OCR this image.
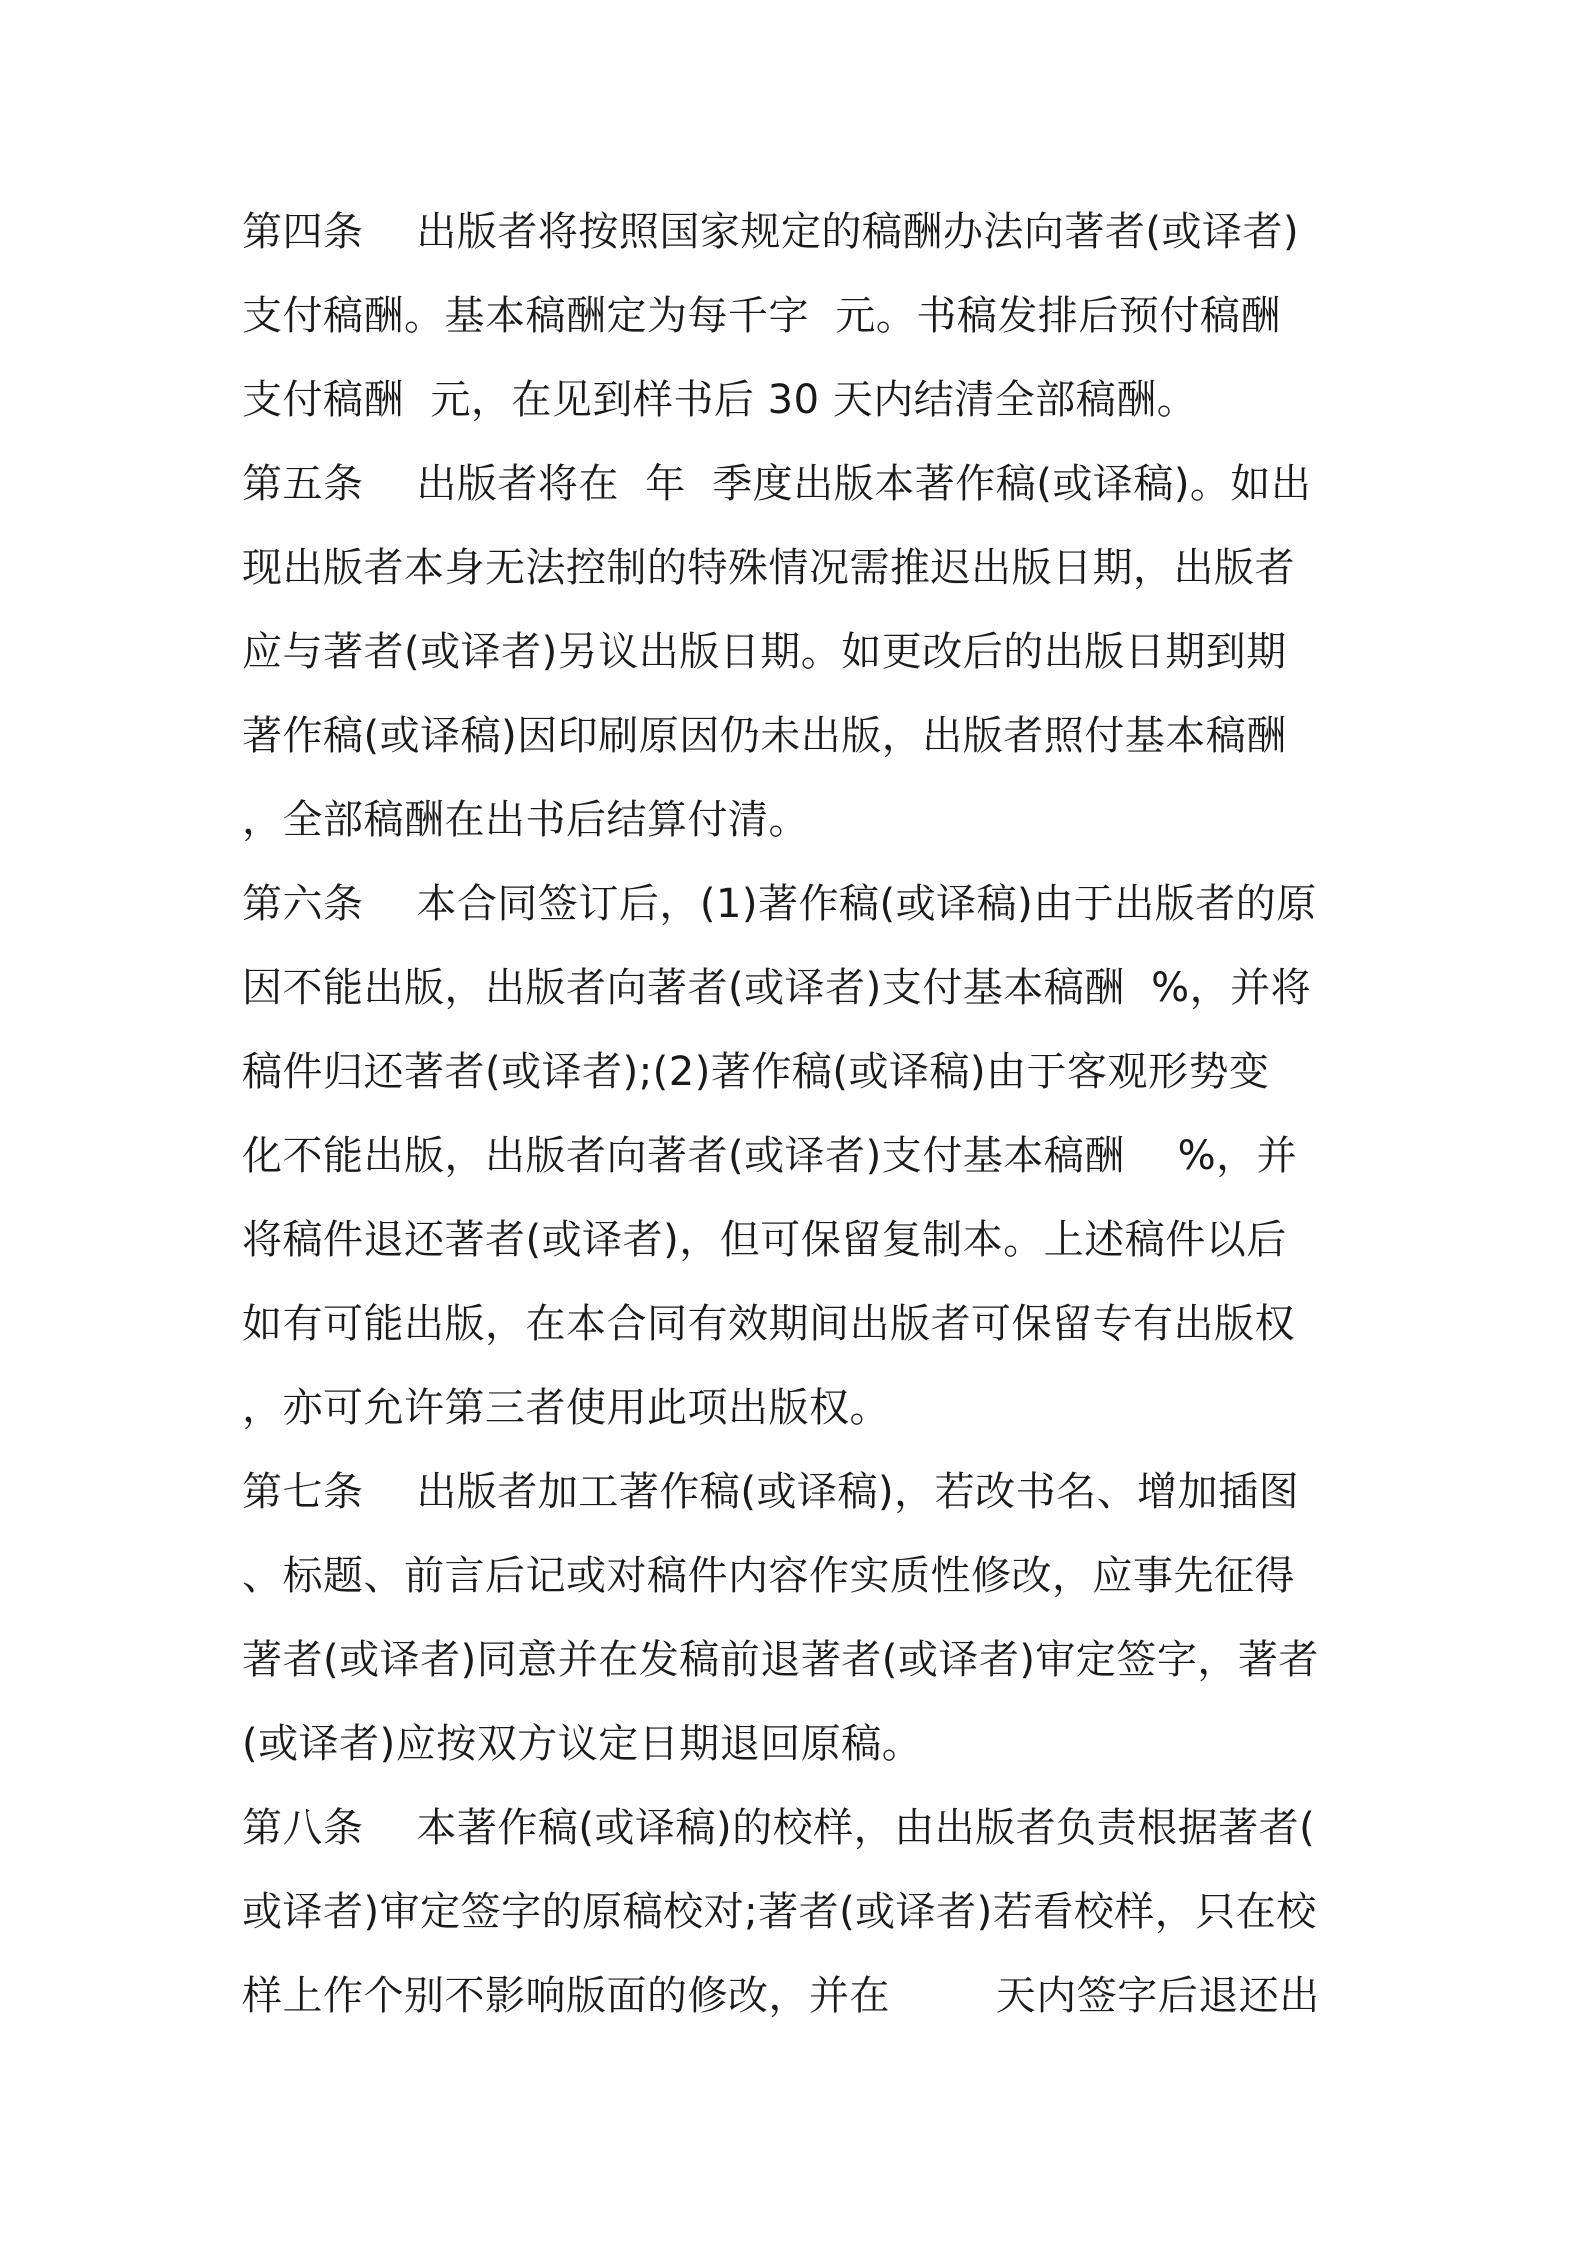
第四条    出版者将按照国家规定的稿酬办法向著者(或译者)
支付稿酬。基本稿酬定为每千字  元。书稿发排后预付稿酬
支付稿酬  元，在见到样书后 30 天内结清全部稿酬。
第五条    出版者将在  年  季度出版本著作稿(或译稿)。如出
现出版者本身无法控制的特殊情况需推迟出版日期，出版者
应与著者(或译者)另议出版日期。如更改后的出版日期到期
著作稿(或译稿)因印刷原因仍未出版，出版者照付基本稿酬
，全部稿酬在出书后结算付清。
第六条    本合同签订后，(1)著作稿(或译稿)由于出版者的原
因不能出版，出版者向著者(或译者)支付基本稿酬  %，并将
稿件归还著者(或译者);(2)著作稿(或译稿)由于客观形势变
化不能出版，出版者向著者(或译者)支付基本稿酬    %，并
将稿件退还著者(或译者)，但可保留复制本。上述稿件以后
如有可能出版，在本合同有效期间出版者可保留专有出版权
，亦可允许第三者使用此项出版权。
第七条    出版者加工著作稿(或译稿)，若改书名、增加插图
、标题、前言后记或对稿件内容作实质性修改，应事先征得
著者(或译者)同意并在发稿前退著者(或译者)审定签字，著者
(或译者)应按双方议定日期退回原稿。
第八条    本著作稿(或译稿)的校样，由出版者负责根据著者(
或译者)审定签字的原稿校对;著者(或译者)若看校样，只在校
样上作个别不影响版面的修改，并在        天内签字后退还出
